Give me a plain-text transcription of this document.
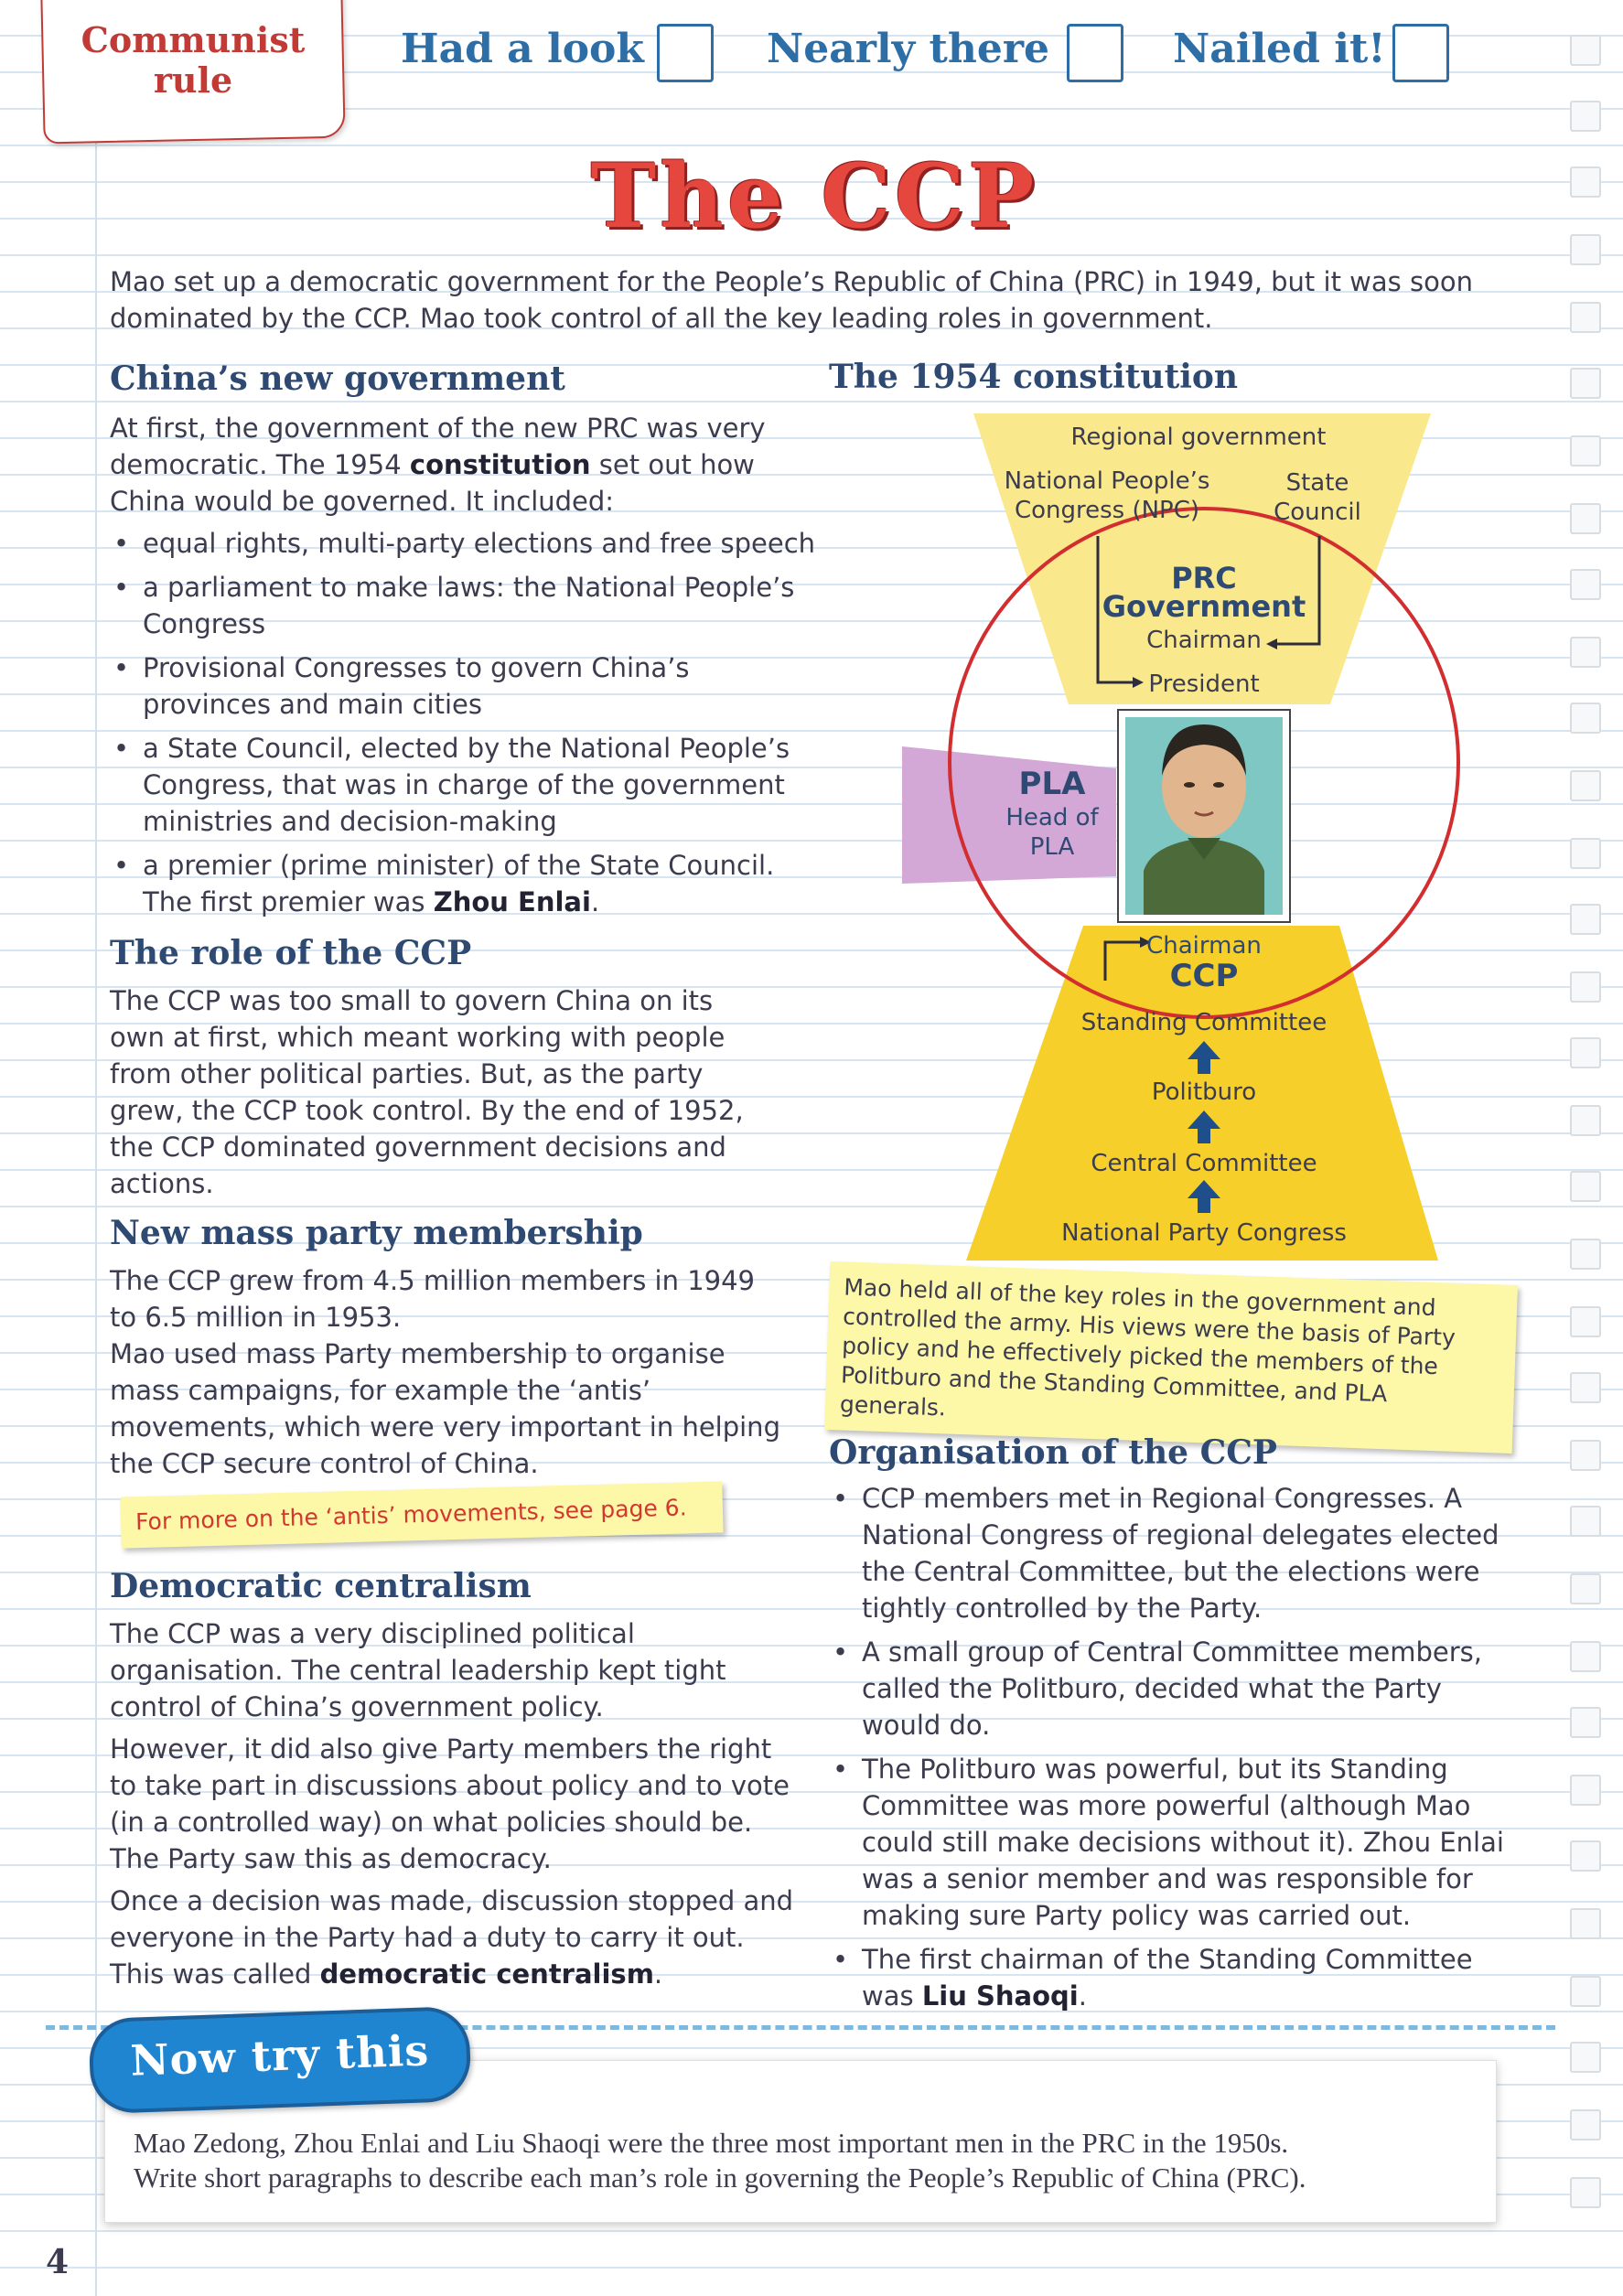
Communist
rule
Had a look	Nearly there	Nailed it!
The CCP
Mao set up a democratic government for the People’s Republic of China (PRC) in 1949, but it was soon dominated by the CCP. Mao took control of all the key leading roles in government.
China’s new government
At first, the government of the new PRC was very democratic. The 1954 constitution set out how China would be governed. It included:
• equal rights, multi-party elections and free speech
• a parliament to make laws: the National People’s Congress
• Provisional Congresses to govern China’s provinces and main cities
• a State Council, elected by the National People’s Congress, that was in charge of the government ministries and decision-making
• a premier (prime minister) of the State Council. The first premier was Zhou Enlai.
The role of the CCP
The CCP was too small to govern China on its own at first, which meant working with people from other political parties. But, as the party grew, the CCP took control. By the end of 1952, the CCP dominated government decisions and actions.
New mass party membership
The CCP grew from 4.5 million members in 1949 to 6.5 million in 1953.
Mao used mass Party membership to organise mass campaigns, for example the ‘antis’ movements, which were very important in helping the CCP secure control of China.
For more on the ‘antis’ movements, see page 6.
Democratic centralism
The CCP was a very disciplined political organisation. The central leadership kept tight control of China’s government policy.
However, it did also give Party members the right to take part in discussions about policy and to vote (in a controlled way) on what policies should be. The Party saw this as democracy.
Once a decision was made, discussion stopped and everyone in the Party had a duty to carry it out. This was called democratic centralism.
The 1954 constitution
Regional government
National People’s Congress (NPC)
State Council
PRC
Government
Chairman
President
PLA
Head of PLA
Chairman
CCP
Standing Committee
Politburo
Central Committee
National Party Congress
Mao held all of the key roles in the government and controlled the army. His views were the basis of Party policy and he effectively picked the members of the Politburo and the Standing Committee, and PLA generals.
Organisation of the CCP
• CCP members met in Regional Congresses. A National Congress of regional delegates elected the Central Committee, but the elections were tightly controlled by the Party.
• A small group of Central Committee members, called the Politburo, decided what the Party would do.
• The Politburo was powerful, but its Standing Committee was more powerful (although Mao could still make decisions without it). Zhou Enlai was a senior member and was responsible for making sure Party policy was carried out.
• The first chairman of the Standing Committee was Liu Shaoqi.
Now try this
Mao Zedong, Zhou Enlai and Liu Shaoqi were the three most important men in the PRC in the 1950s.
Write short paragraphs to describe each man’s role in governing the People’s Republic of China (PRC).
4
